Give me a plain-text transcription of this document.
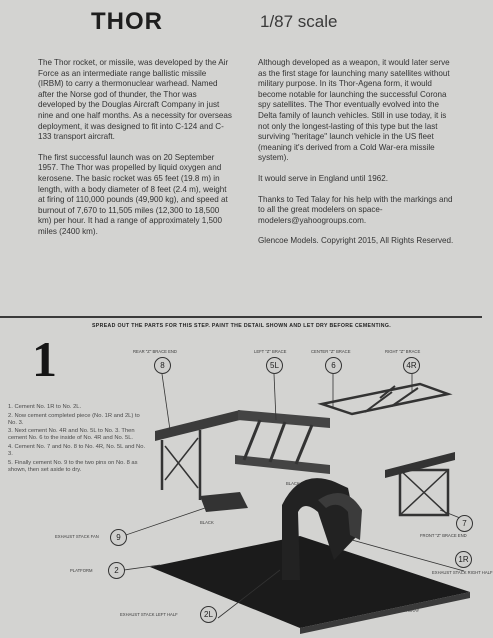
THOR	1/87 scale

The Thor rocket, or missile, was developed by the Air Force as an intermediate range ballistic missile (IRBM) to carry a thermonuclear warhead. Named after the Norse god of thunder, the Thor was developed by the Douglas Aircraft Company in just nine and one half months. As a necessity for overseas deployment, it was designed to fit into C-124 and C-133 transport aircraft.

The first successful launch was on 20 September 1957. The Thor was propelled by liquid oxygen and kerosene. The basic rocket was 65 feet (19.8 m) in length, with a body diameter of 8 feet (2.4 m), weight at firing of 110,000 pounds (49,900 kg), and speed at burnout of 7,670 to 11,505 miles (12,300 to 18,500 km) per hour. It had a range of approximately 1,500 miles (2400 km).

Although developed as a weapon, it would later serve as the first stage for launching many satellites without military purpose. In its Thor-Agena form, it would become notable for launching the successful Corona spy satellites. The Thor eventually evolved into the Delta family of launch vehicles. Still in use today, it is not only the longest-lasting of this type but the last surviving "heritage" launch vehicle in the US fleet (meaning it's derived from a Cold War-era missile system).

It would serve in England until 1962.

Thanks to Ted Talay for his help with the markings and to all the great modelers on space-modelers@yahoogroups.com.

Glencoe Models. Copyright 2015, All Rights Reserved.

1
SPREAD OUT THE PARTS FOR THIS STEP. PAINT THE DETAIL SHOWN AND LET DRY BEFORE CEMENTING.
1. Cement No. 1R to No. 2L.
2. Now cement completed piece (No. 1R and 2L) to No. 3.
3. Next cement No. 4R and No. 5L to No. 3. Then cement No. 6 to the inside of No. 4R and No. 5L.
4. Cement No. 7 and No. 8 to No. 4R, No. 5L and No. 3.
5. Finally cement No. 9 to the two pins on No. 8 as shown, then set aside to dry.
REAR "Z" BRACE END
8
LEFT "Z" BRACE
5L
CENTER "Z" BRACE
6
RIGHT "Z" BRACE
4R
EXHAUST STACK FAN	9
PLATFORM	2
EXHAUST STACK LEFT HALF	2L
7
FRONT "Z" BRACE END
1R
EXHAUST STACK RIGHT HALF
BLACK
BLACK
DARK GRAY
